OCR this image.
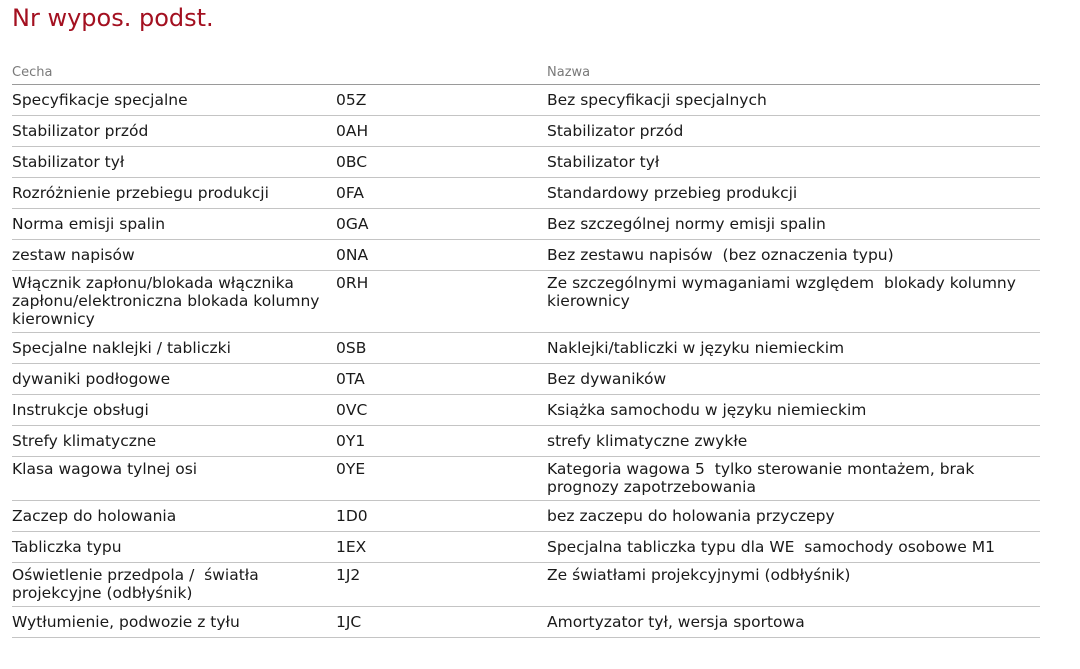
Nr wypos. podst.
Cecha		Nazwa
Specyfikacje specjalne	05Z	Bez specyfikacji specjalnych
Stabilizator przód	0AH	Stabilizator przód
Stabilizator tył	0BC	Stabilizator tył
Rozróżnienie przebiegu produkcji	0FA	Standardowy przebieg produkcji
Norma emisji spalin	0GA	Bez szczególnej normy emisji spalin
zestaw napisów	0NA	Bez zestawu napisów  (bez oznaczenia typu)
Włącznik zapłonu/blokada włącznika zapłonu/elektroniczna blokada kolumny kierownicy	0RH	Ze szczególnymi wymaganiami względem  blokady kolumny kierownicy
Specjalne naklejki / tabliczki	0SB	Naklejki/tabliczki w języku niemieckim
dywaniki podłogowe	0TA	Bez dywaników
Instrukcje obsługi	0VC	Książka samochodu w języku niemieckim
Strefy klimatyczne	0Y1	strefy klimatyczne zwykłe
Klasa wagowa tylnej osi	0YE	Kategoria wagowa 5  tylko sterowanie montażem, brak prognozy zapotrzebowania
Zaczep do holowania	1D0	bez zaczepu do holowania przyczepy
Tabliczka typu	1EX	Specjalna tabliczka typu dla WE  samochody osobowe M1
Oświetlenie przedpola /  światła projekcyjne (odbłyśnik)	1J2	Ze światłami projekcyjnymi (odbłyśnik)
Wytłumienie, podwozie z tyłu	1JC	Amortyzator tył, wersja sportowa
